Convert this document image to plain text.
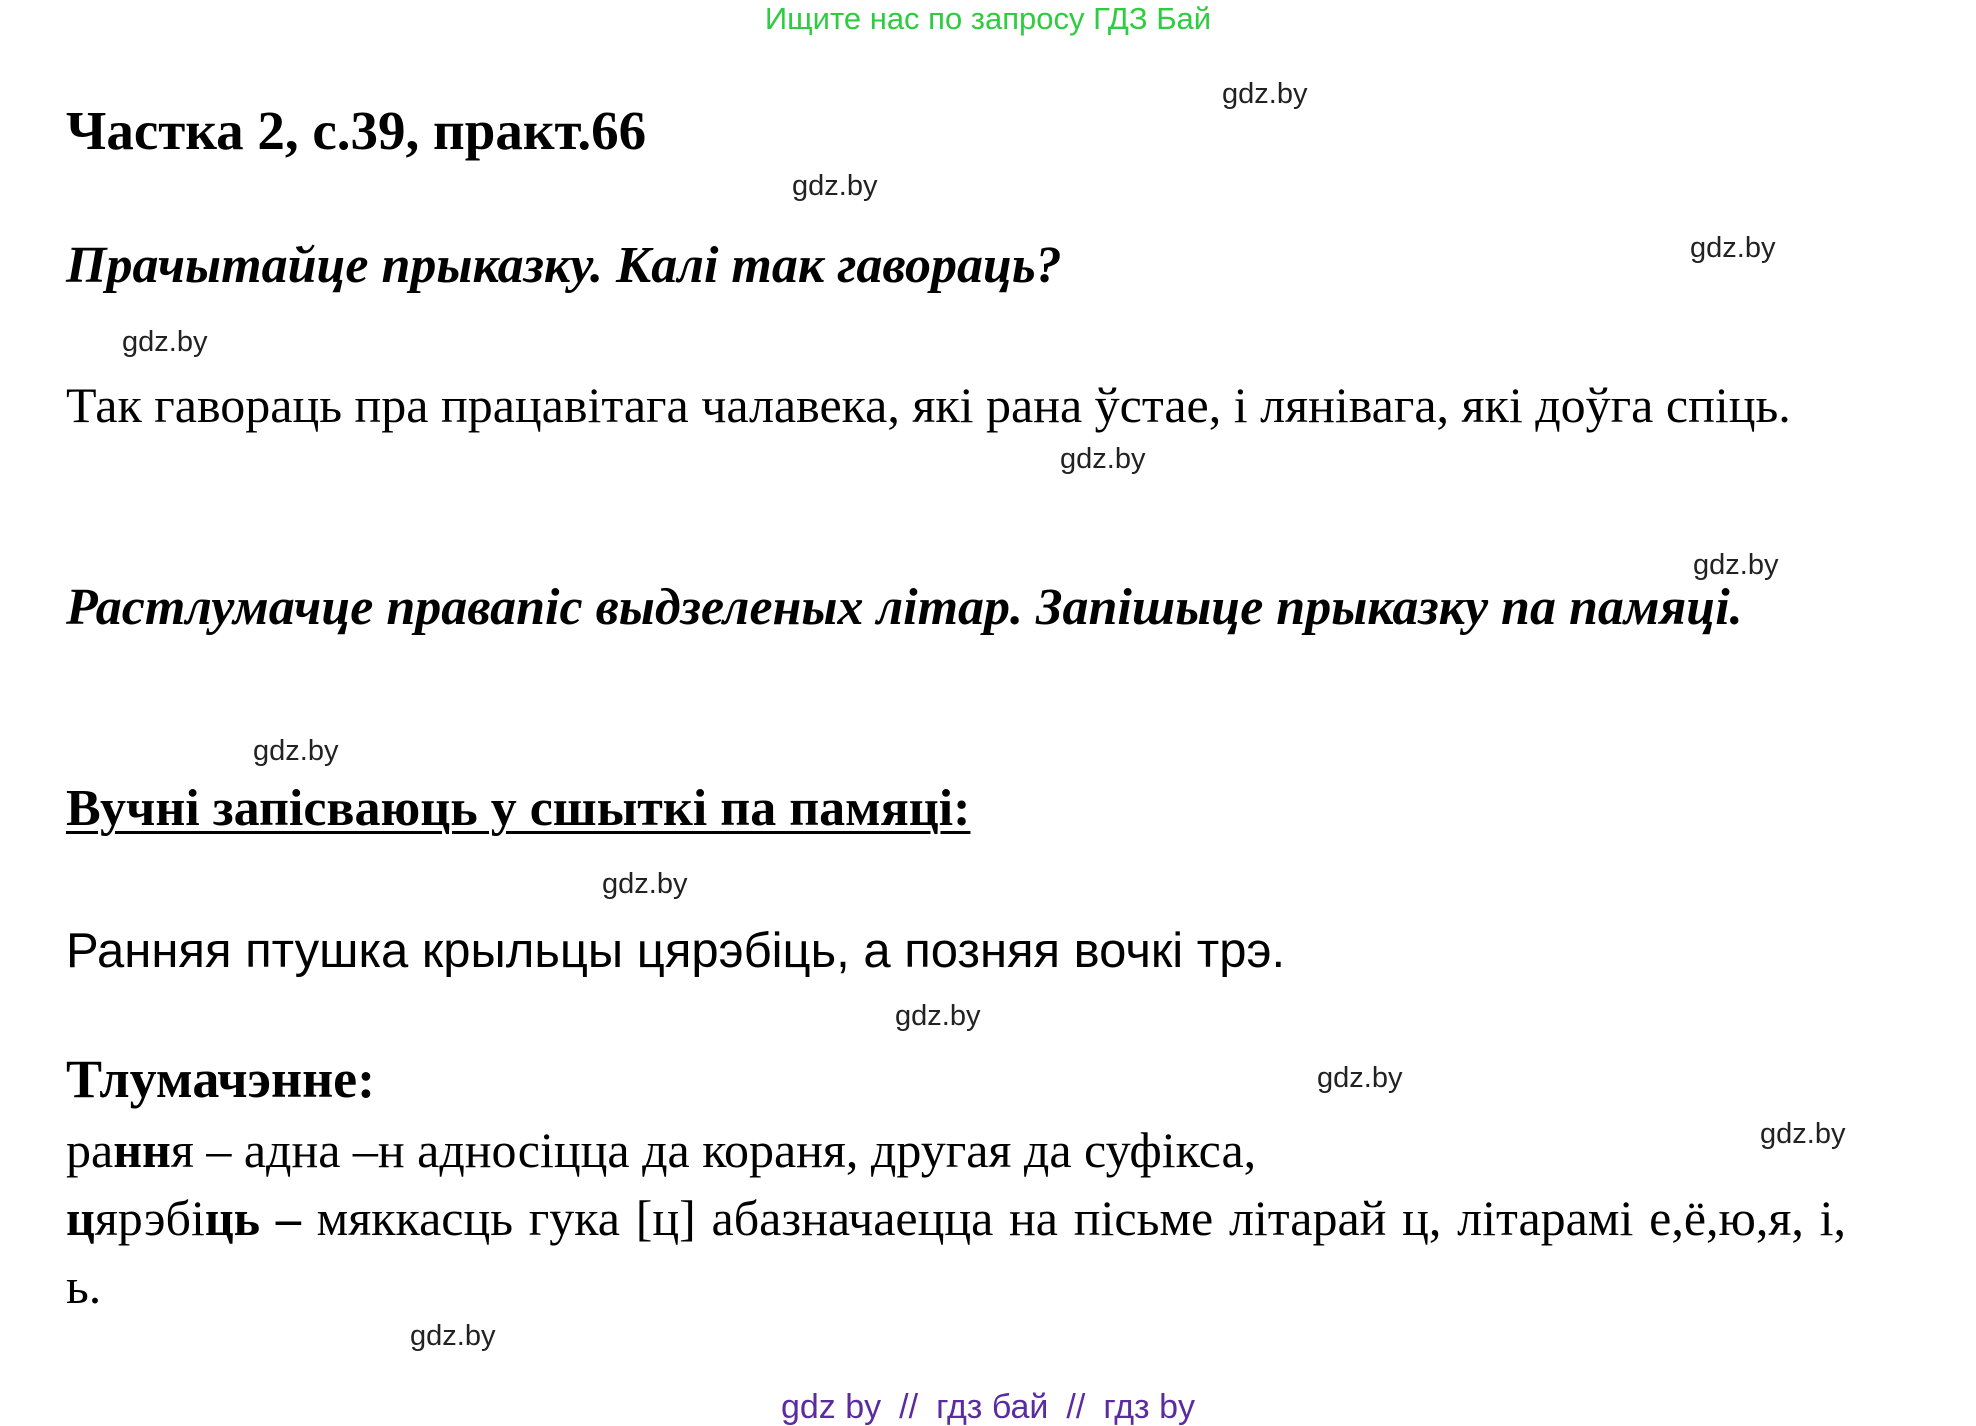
Ищите нас по запросу ГДЗ Бай
gdz.by
gdz.by
gdz.by
gdz.by
gdz.by
gdz.by
gdz.by
gdz.by
gdz.by
gdz.by
gdz.by
gdz.by
Частка 2, с.39, практ.66
Прачытайце прыказку. Калі так гавораць?
Так гавораць пра працавітага чалавека, які рана ўстае, і лянівага, які доўга спіць.
Растлумачце правапіс выдзеленых літар. Запішыце прыказку па памяці.
Вучні запісваюць у сшыткі па памяці:
Ранняя птушка крыльцы цярэбіць, а позняя вочкі трэ.
Тлумачэнне:
рання – адна –н адносіцца да кораня, другая да суфікса,
цярэбіць – мяккасць гука [ц] абазначаецца на пісьме літарай ц, літарамі е,ё,ю,я, і, ь.
gdz by // гдз бай // гдз by
